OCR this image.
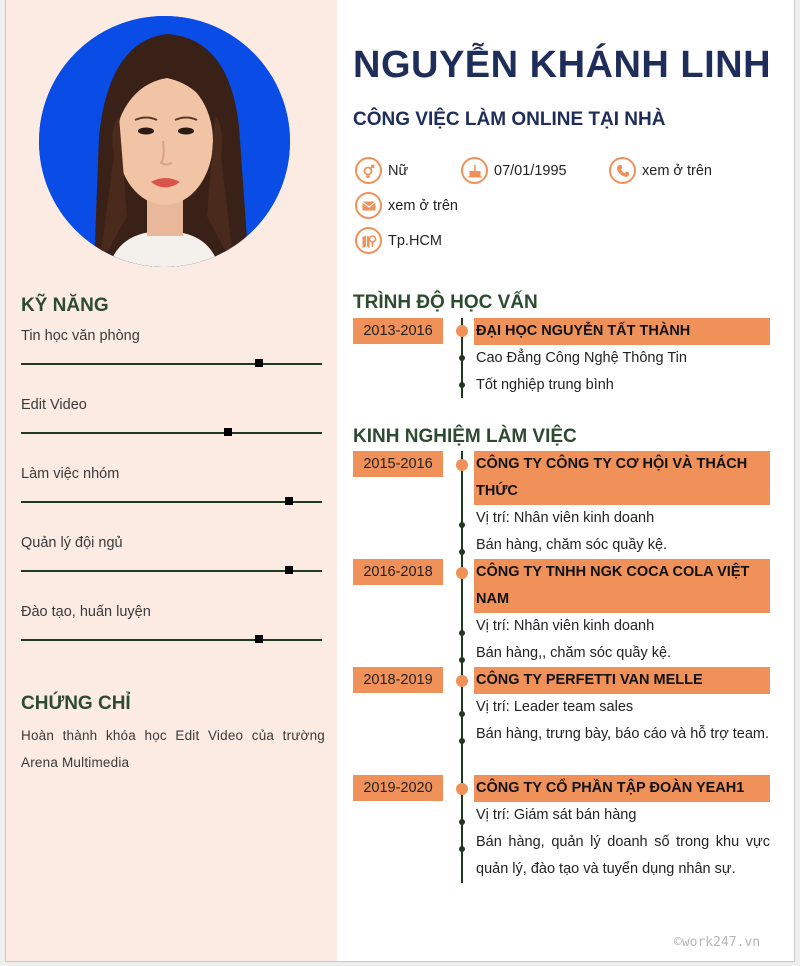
KỸ NĂNG
Tin học văn phòng
Edit Video
Làm việc nhóm
Quản lý đội ngủ
Đào tạo, huấn luyện
CHỨNG CHỈ
Hoàn thành khóa học Edit Video của trường Arena Multimedia
NGUYỄN KHÁNH LINH
CÔNG VIỆC LÀM ONLINE TẠI NHÀ
Nữ	07/01/1995	xem ở trên
xem ở trên
Tp.HCM
TRÌNH ĐỘ HỌC VẤN
2013-2016	ĐẠI HỌC NGUYỄN TẤT THÀNH
Cao Đẳng Công Nghệ Thông Tin
Tốt nghiệp trung bình
KINH NGHIỆM LÀM VIỆC
2015-2016	CÔNG TY CÔNG TY CƠ HỘI VÀ THÁCH THỨC
Vị trí: Nhân viên kinh doanh
Bán hàng, chăm sóc quầy kệ.
2016-2018	CÔNG TY TNHH NGK COCA COLA VIỆT NAM
Vị trí: Nhân viên kinh doanh
Bán hàng,, chăm sóc quầy kệ.
2018-2019	CÔNG TY PERFETTI VAN MELLE
Vị trí: Leader team sales
Bán hàng, trưng bày, báo cáo và hỗ trợ team.
2019-2020	CÔNG TY CỔ PHẦN TẬP ĐOÀN YEAH1
Vị trí: Giám sát bán hàng
Bán hàng, quản lý doanh số trong khu vực quản lý, đào tạo và tuyển dụng nhân sự.
©work247.vn
